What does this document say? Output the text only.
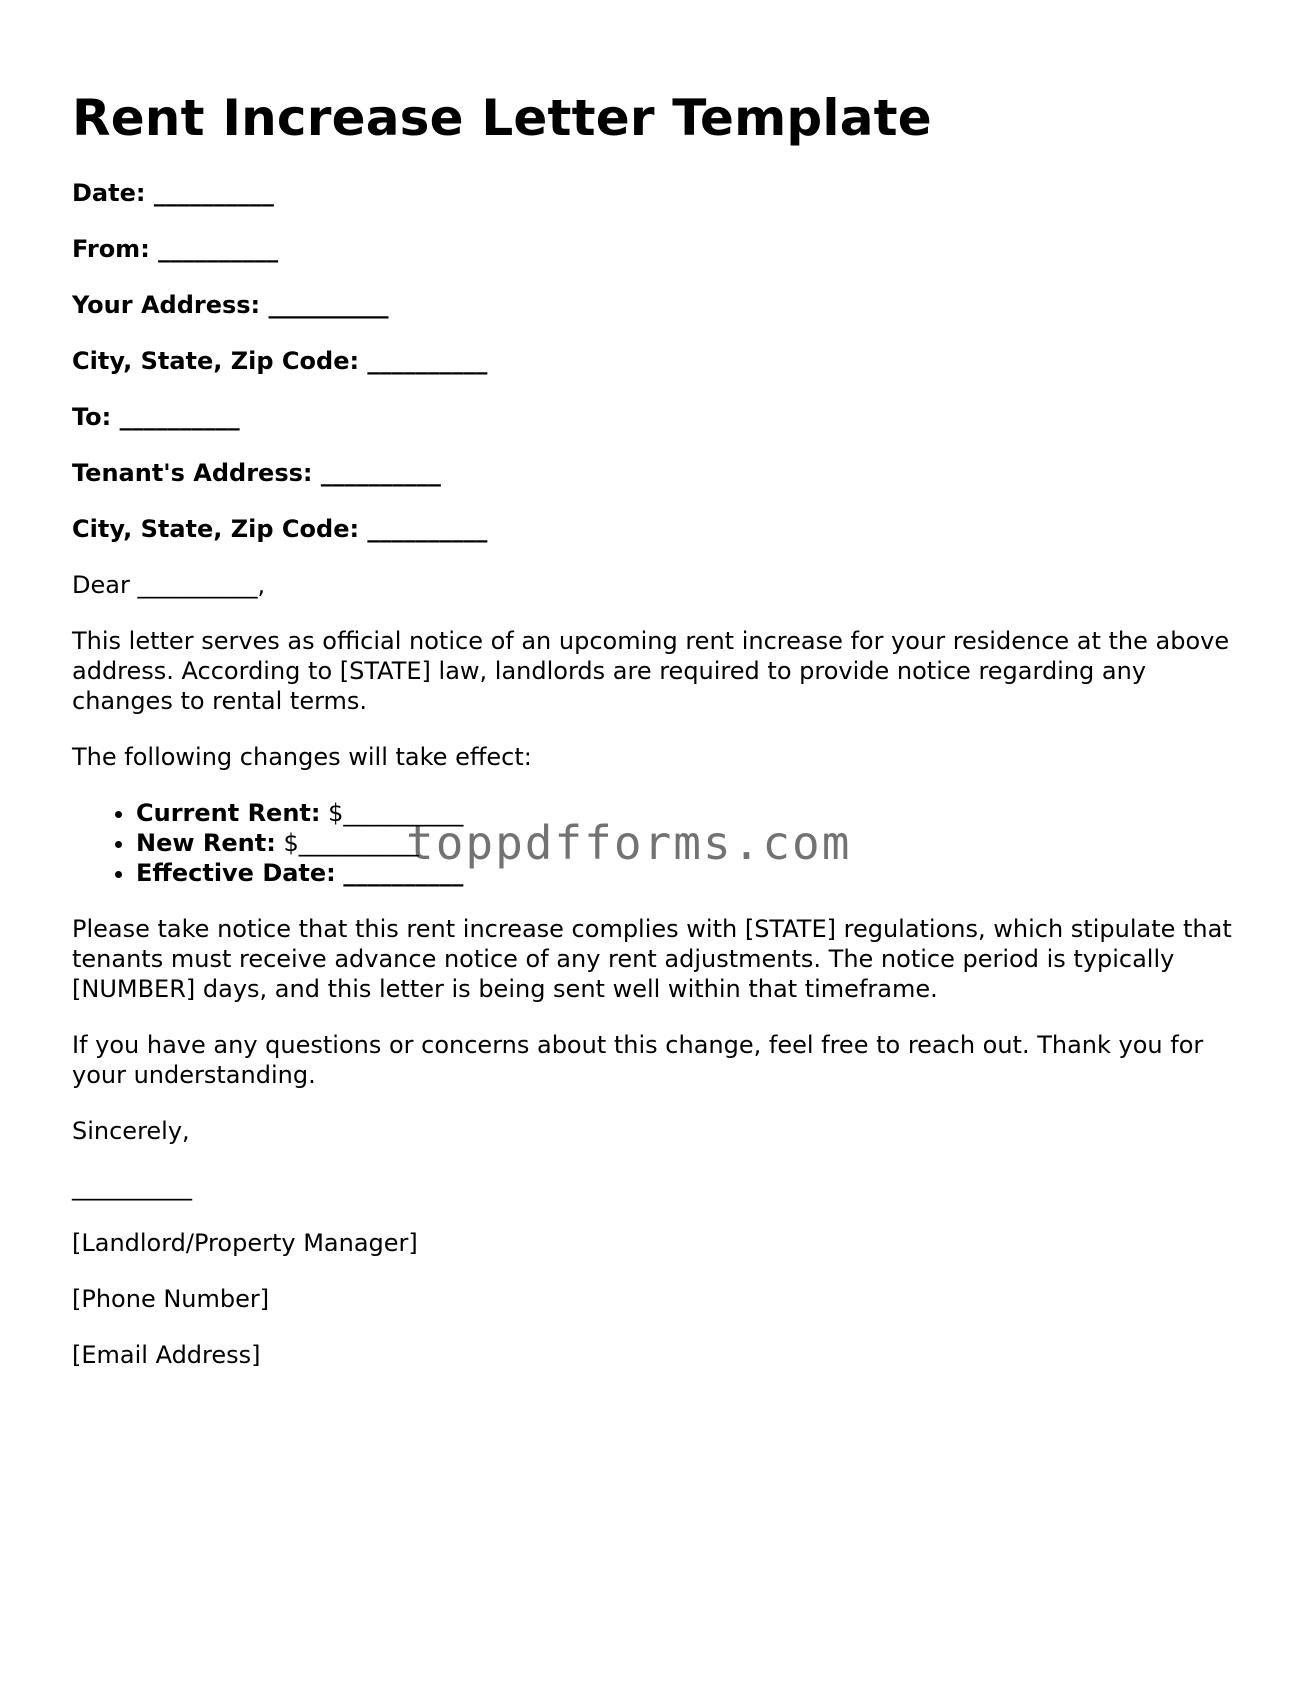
Rent Increase Letter Template
Date: __________
From: __________
Your Address: __________
City, State, Zip Code: __________
To: __________
Tenant's Address: __________
City, State, Zip Code: __________

Dear __________,

This letter serves as official notice of an upcoming rent increase for your residence at the above address. According to [STATE] law, landlords are required to provide notice regarding any changes to rental terms.

The following changes will take effect:

• Current Rent: $__________
• New Rent: $__________
• Effective Date: __________

Please take notice that this rent increase complies with [STATE] regulations, which stipulate that tenants must receive advance notice of any rent adjustments. The notice period is typically [NUMBER] days, and this letter is being sent well within that timeframe.

If you have any questions or concerns about this change, feel free to reach out. Thank you for your understanding.

Sincerely,

__________

[Landlord/Property Manager]

[Phone Number]

[Email Address]

toppdfforms.com
